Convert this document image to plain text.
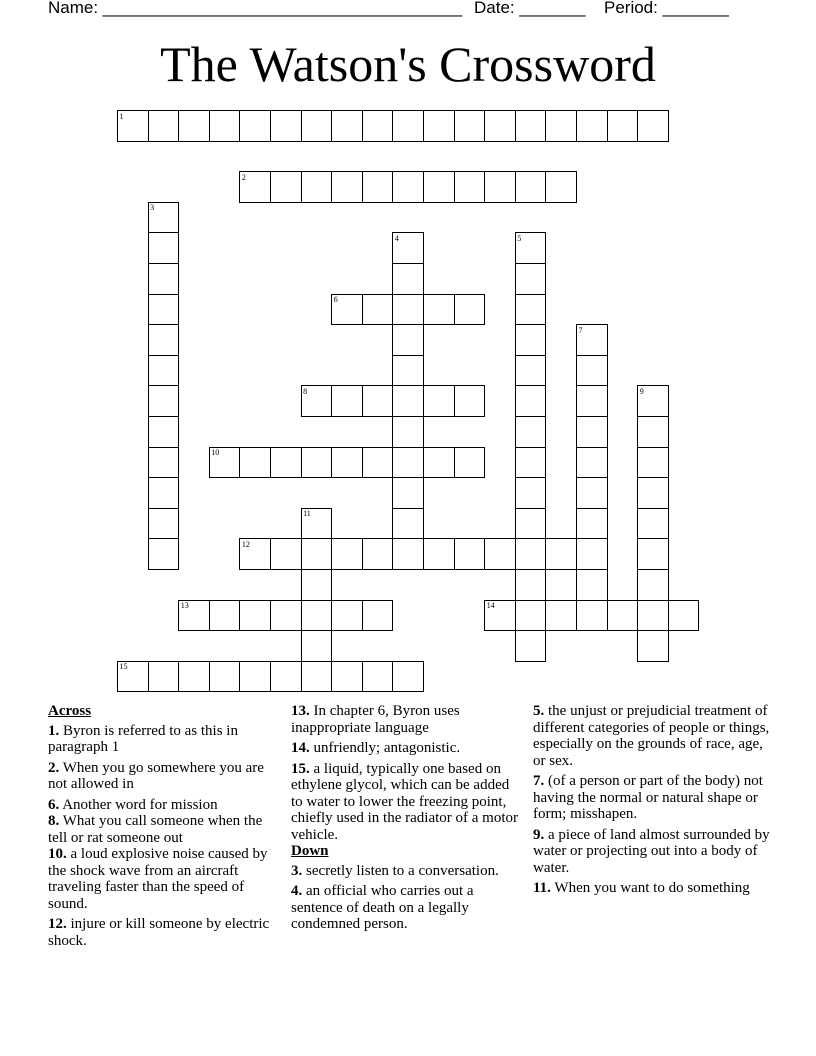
Name: ______________________________________ Date: _______ Period: _______
The Watson's Crossword
1
2
6
8
10
12
13	14
15
3
4	5
7
9
11
Across
1. Byron is referred to as this in paragraph 1
2. When you go somewhere you are not allowed in
6. Another word for mission
8. What you call someone when the tell or rat someone out
10. a loud explosive noise caused by the shock wave from an aircraft traveling faster than the speed of sound.
12. injure or kill someone by electric shock.
13. In chapter 6, Byron uses inappropriate language
14. unfriendly; antagonistic.
15. a liquid, typically one based on ethylene glycol, which can be added to water to lower the freezing point, chiefly used in the radiator of a motor vehicle.
Down
3. secretly listen to a conversation.
4. an official who carries out a sentence of death on a legally condemned person.
5. the unjust or prejudicial treatment of different categories of people or things, especially on the grounds of race, age, or sex.
7. (of a person or part of the body) not having the normal or natural shape or form; misshapen.
9. a piece of land almost surrounded by water or projecting out into a body of water.
11. When you want to do something
